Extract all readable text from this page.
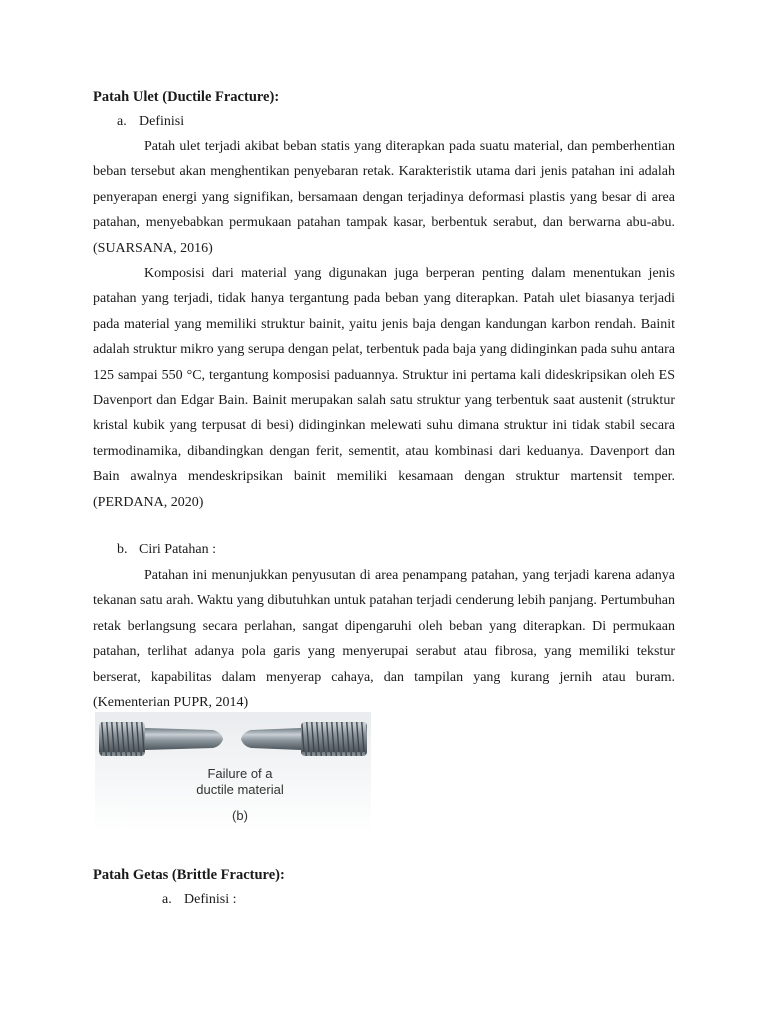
Patah Ulet (Ductile Fracture):
a. Definisi

Patah ulet terjadi akibat beban statis yang diterapkan pada suatu material, dan pemberhentian beban tersebut akan menghentikan penyebaran retak. Karakteristik utama dari jenis patahan ini adalah penyerapan energi yang signifikan, bersamaan dengan terjadinya deformasi plastis yang besar di area patahan, menyebabkan permukaan patahan tampak kasar, berbentuk serabut, dan berwarna abu-abu. (SUARSANA, 2016)

Komposisi dari material yang digunakan juga berperan penting dalam menentukan jenis patahan yang terjadi, tidak hanya tergantung pada beban yang diterapkan. Patah ulet biasanya terjadi pada material yang memiliki struktur bainit, yaitu jenis baja dengan kandungan karbon rendah. Bainit adalah struktur mikro yang serupa dengan pelat, terbentuk pada baja yang didinginkan pada suhu antara 125 sampai 550 °C, tergantung komposisi paduannya. Struktur ini pertama kali dideskripsikan oleh ES Davenport dan Edgar Bain. Bainit merupakan salah satu struktur yang terbentuk saat austenit (struktur kristal kubik yang terpusat di besi) didinginkan melewati suhu dimana struktur ini tidak stabil secara termodinamika, dibandingkan dengan ferit, sementit, atau kombinasi dari keduanya. Davenport dan Bain awalnya mendeskripsikan bainit memiliki kesamaan dengan struktur martensit temper. (PERDANA, 2020)

b. Ciri Patahan :

Patahan ini menunjukkan penyusutan di area penampang patahan, yang terjadi karena adanya tekanan satu arah. Waktu yang dibutuhkan untuk patahan terjadi cenderung lebih panjang. Pertumbuhan retak berlangsung secara perlahan, sangat dipengaruhi oleh beban yang diterapkan. Di permukaan patahan, terlihat adanya pola garis yang menyerupai serabut atau fibrosa, yang memiliki tekstur berserat, kapabilitas dalam menyerap cahaya, dan tampilan yang kurang jernih atau buram. (Kementerian PUPR, 2014)

Failure of a
ductile material
(b)
Patah Getas (Brittle Fracture):
a. Definisi :
